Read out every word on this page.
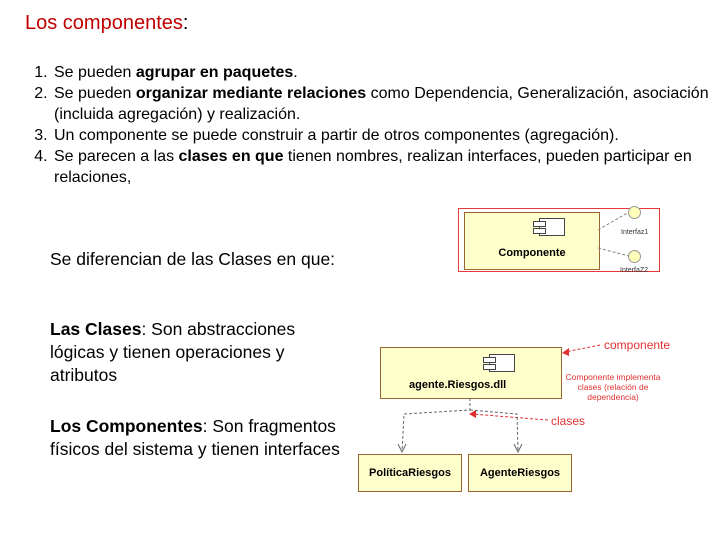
Los componentes:
1. Se pueden agrupar en paquetes.
2. Se pueden organizar mediante relaciones como Dependencia, Generalización, asociación (incluida agregación) y realización.
3. Un componente se puede construir a partir de otros componentes (agregación).
4. Se parecen a las clases en que tienen nombres, realizan interfaces, pueden participar en relaciones,
Se diferencian de las Clases en que:
Las Clases: Son abstracciones lógicas y tienen operaciones y atributos
Los Componentes: Son fragmentos físicos del sistema y tienen interfaces
Componente
Interfaz1
InterfaZ2
agente.Riesgos.dll
PolíticaRiesgos	AgenteRiesgos
componente
Componente implementa clases (relación de dependencia)
clases
